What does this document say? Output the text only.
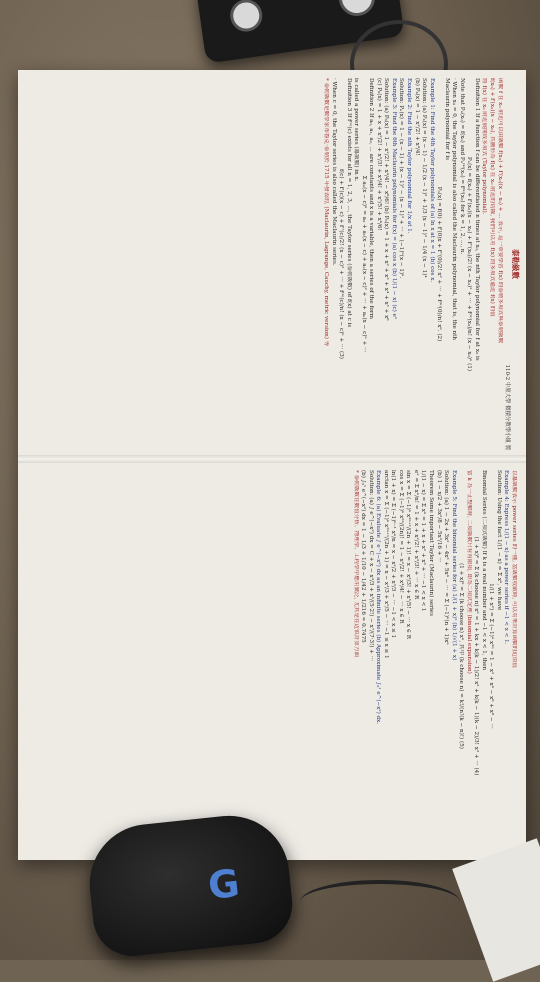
泰勒級數
110-2 中原大學 微積分教學小組 製
函數 f 在 x₀ 附近可以由級數 f(x₀) + f'(x₀)(x − x₀) + ... 表示, 這一章要學習 f(x) 的泰勒多項式與泰勒級數
f(x₀) + f'(x₀)(x − x₀), 其圖形為 f(x) 在 x₀ 附近的切線, 我們可以用 f(x) 的多項式逼近 f(x) 的值
將 f(x) 在 x₀ 附近展開成多項式 (Taylor polynomial).
Definition 1 If a function f can be differentiated n times at x₀, the nth Taylor polynomial for f at x₀ is
Pₙ(x) = f(x₀) + f'(x₀)(x − x₀) + f''(x₀)/2! (x − x₀)² + ··· + f⁽ⁿ⁾(x₀)/n! (x − x₀)ⁿ (1)
Note that Pₙ(x₀) = f(x₀) and Pₙ⁽ᵏ⁾(x₀) = f⁽ᵏ⁾(x₀) for k = 1, 2, ..., n.
· When x₀ = 0, the Taylor polynomial is also called the Maclaurin polynomial, that is, the nth
Maclaurin polynomial for f is
Pₙ(x) = f(0) + f'(0)x + f''(0)/2! x² + ··· + f⁽ⁿ⁾(0)/n! xⁿ. (2)
Example 1: Find the 4th Taylor polynomials of (a) ln x at x = 1 (b) cos x.
Solution: (a) P₄(x) = (x − 1) − 1/2 (x − 1)² + 1/3 (x − 1)³ − 1/4 (x − 1)⁴
(b) P₄(x) = 1 − x²/2! + x⁴/4!
Example 2: Find the nth Taylor polynomial for 1/x at 1.
Solution: Pₙ(x) = 1 − (x − 1) + (x − 1)² − (x − 1)³ + ··· + (−1)ⁿ(x − 1)ⁿ.
Example 3: Find the 6th Maclaurin polynomials for f(x) = (a) cos x (b) 1/(1 − x) (c) eˣ
Solution: (a) P₆(x) = 1 − x²/2! + x⁴/4! − x⁶/6! (b) P₆(x) = 1 + x + x² + x³ + x⁴ + x⁵ + x⁶
(c) P₆(x) = 1 + x + x²/2! + x³/3! + x⁴/4! + x⁵/5! + x⁶/6!
Definition 2 If a₀, a₁, a₂, ... are constants and x is a variable, then a series of the form
Σ aₙ(x − c)ⁿ = a₀ + a₁(x − c) + a₂(x − c)² + ··· + aₙ(x − c)ⁿ + ···
is called a power series (冪級數) in x.
Definition 3 If f⁽ⁿ⁾(c) exists for all n = 1, 2, 3, ..., the Taylor series (泰勒級數) of f(x) at c is
f(c) + f'(c)(x − c) + f''(c)/2! (x − c)² + ··· + f⁽ⁿ⁾(c)/n! (x − c)ⁿ + ··· (3)
· When c = 0, the Taylor series is also called the Maclaurin series.
* 泰勒級數是數學家布魯克·泰勒於 1715 年發表的, (Maclaurin, Lagrange, Cauchy, metric version) 等
以冪級數表示 power series 的一種, 當級數收斂時, 可以用來計算函數的近似值
Example 4: Express 1/(1 − x) as a power series if −1 < x < 1.
Solution: Using the fact 1/(1 − x) = Σ xⁿ, we have
1/(1 + x²) = Σ (−1)ⁿ x²ⁿ = 1 − x² + x⁴ − x⁶ + x⁸ − ···
Binomial Series (二項式級數) If k is a real number and −1 < x < 1, then
(1 + x)ᵏ = Σ (k choose n) xⁿ = 1 + kx + k(k − 1)/2! x² + k(k − 1)(k − 2)/3! x³ + ··· (4)
當 k 為一正整數時, 二項級數只有有限項, 即為二項式定理 (binomial expansion)
(1 + x)ᵏ = Σ (k choose n) xⁿ, 其中 (k choose n) = k!/(n!(k − n)!) (5)
Example 5: Find the binomial series for (a) 1/(1 + x)² (b) 1/√(1 + x)
Solution: (a) 1 − 2x + 3x² − 4x³ + 5x⁴ − ··· = Σ (−1)ⁿ(n + 1)xⁿ
(b) 1 − x/2 + 3x²/8 − 5x³/16 + ···
Theorem Some important Taylor (Maclaurin) series
1/(1 − x) = Σ xⁿ = 1 + x + x² + x³ + ··· −1 < x < 1
eˣ = Σ xⁿ/n! = 1 + x + x²/2! + x³/3! + ··· x ∈ R
sin x = Σ (−1)ⁿ x²ⁿ⁺¹/(2n + 1)! = x − x³/3! + x⁵/5! − ··· x ∈ R
cos x = Σ (−1)ⁿ x²ⁿ/(2n)! = 1 − x²/2! + x⁴/4! − ··· x ∈ R
ln(1 + x) = Σ (−1)ⁿ⁻¹ xⁿ/n = x − x²/2 + x³/3 − ··· −1 < x ≤ 1
arctan x = Σ (−1)ⁿ x²ⁿ⁺¹/(2n + 1) = x − x³/3 + x⁵/5 − ··· −1 ≤ x ≤ 1
Example 6: (a) Evaluate ∫ e^(−x²) dx as an infinite series (b) Approximate ∫₀¹ e^(−x²) dx.
Solution: (a) ∫ e^(−x²) dx = C + x − x³/3 + x⁵/(5·2!) − x⁷/(7·3!) + ···
(b) ∫₀¹ e^(−x²) dx ≈ 1 − 1/3 + 1/10 − 1/42 + 1/216 ≈ 0.7475
* 泰勒級數在數值分析、物理學、工程學中應用廣泛, 尤其是在近似計算方面
G
